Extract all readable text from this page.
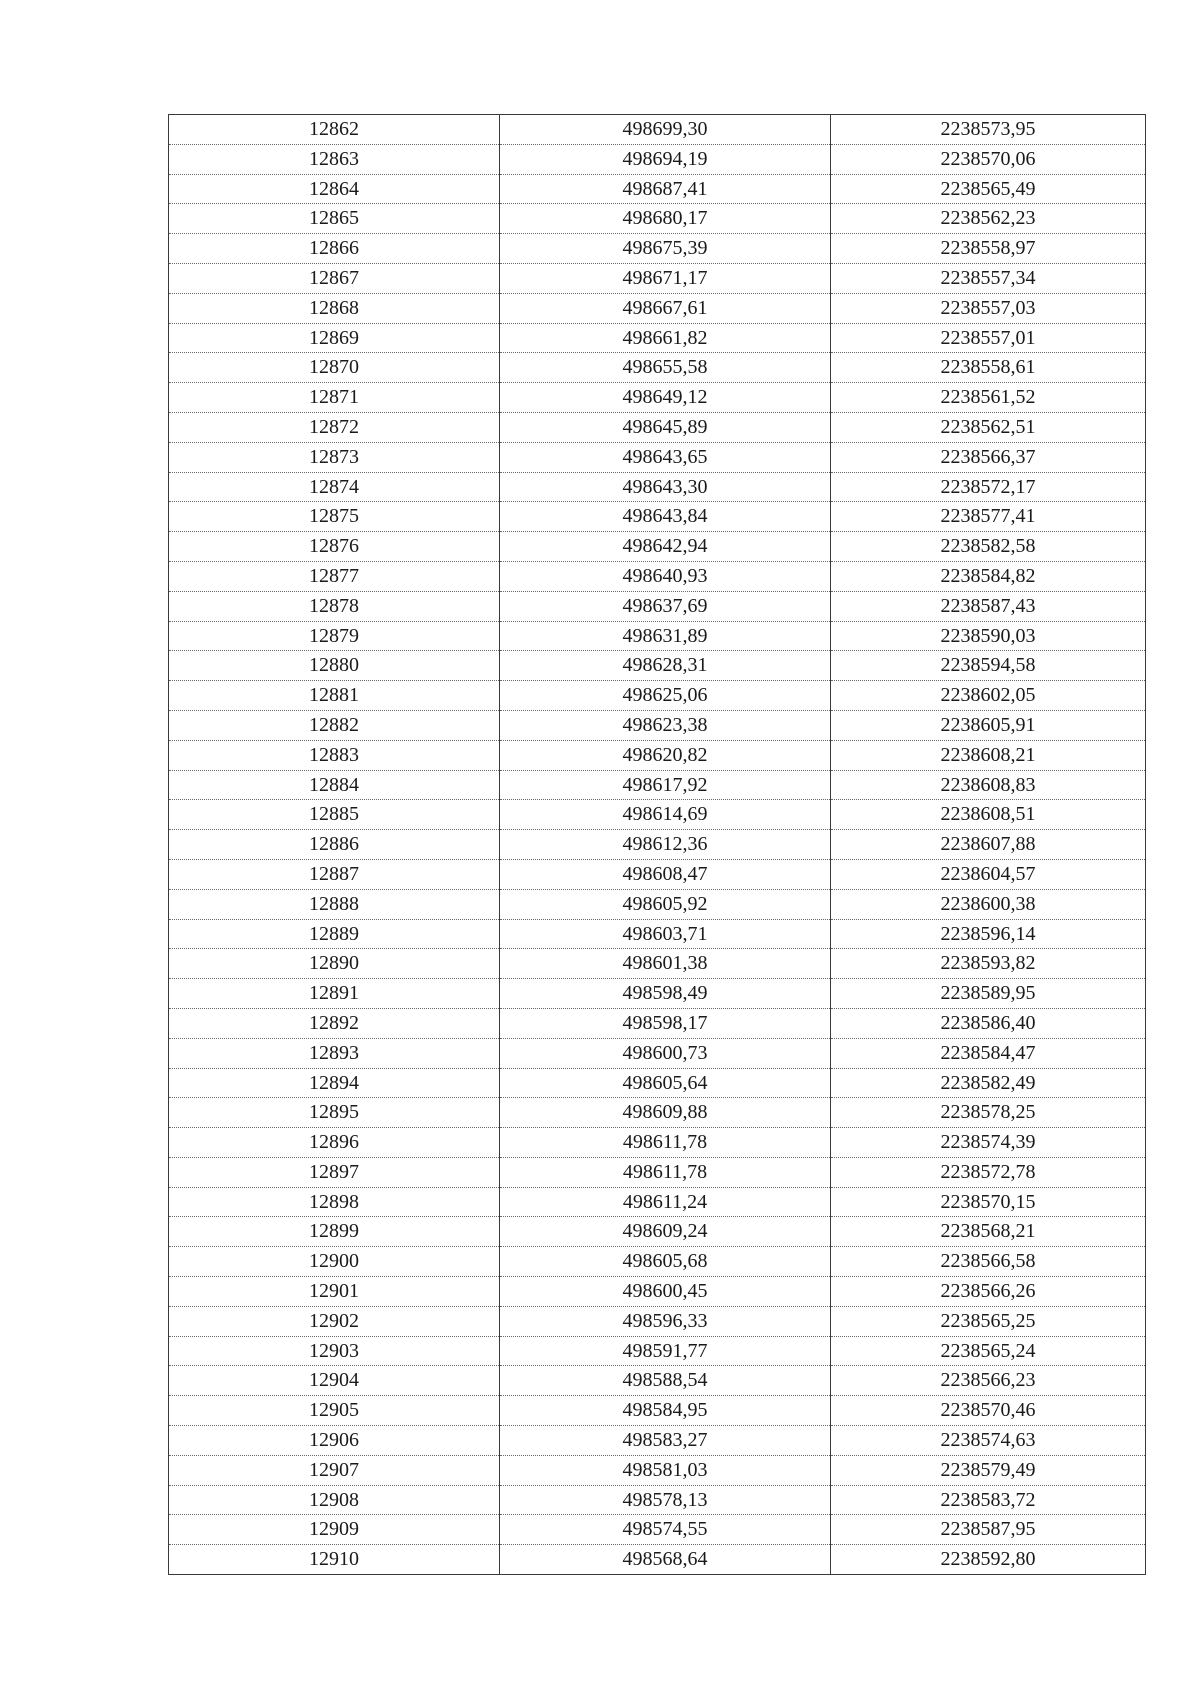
12862	498699,30	2238573,95
12863	498694,19	2238570,06
12864	498687,41	2238565,49
12865	498680,17	2238562,23
12866	498675,39	2238558,97
12867	498671,17	2238557,34
12868	498667,61	2238557,03
12869	498661,82	2238557,01
12870	498655,58	2238558,61
12871	498649,12	2238561,52
12872	498645,89	2238562,51
12873	498643,65	2238566,37
12874	498643,30	2238572,17
12875	498643,84	2238577,41
12876	498642,94	2238582,58
12877	498640,93	2238584,82
12878	498637,69	2238587,43
12879	498631,89	2238590,03
12880	498628,31	2238594,58
12881	498625,06	2238602,05
12882	498623,38	2238605,91
12883	498620,82	2238608,21
12884	498617,92	2238608,83
12885	498614,69	2238608,51
12886	498612,36	2238607,88
12887	498608,47	2238604,57
12888	498605,92	2238600,38
12889	498603,71	2238596,14
12890	498601,38	2238593,82
12891	498598,49	2238589,95
12892	498598,17	2238586,40
12893	498600,73	2238584,47
12894	498605,64	2238582,49
12895	498609,88	2238578,25
12896	498611,78	2238574,39
12897	498611,78	2238572,78
12898	498611,24	2238570,15
12899	498609,24	2238568,21
12900	498605,68	2238566,58
12901	498600,45	2238566,26
12902	498596,33	2238565,25
12903	498591,77	2238565,24
12904	498588,54	2238566,23
12905	498584,95	2238570,46
12906	498583,27	2238574,63
12907	498581,03	2238579,49
12908	498578,13	2238583,72
12909	498574,55	2238587,95
12910	498568,64	2238592,80
